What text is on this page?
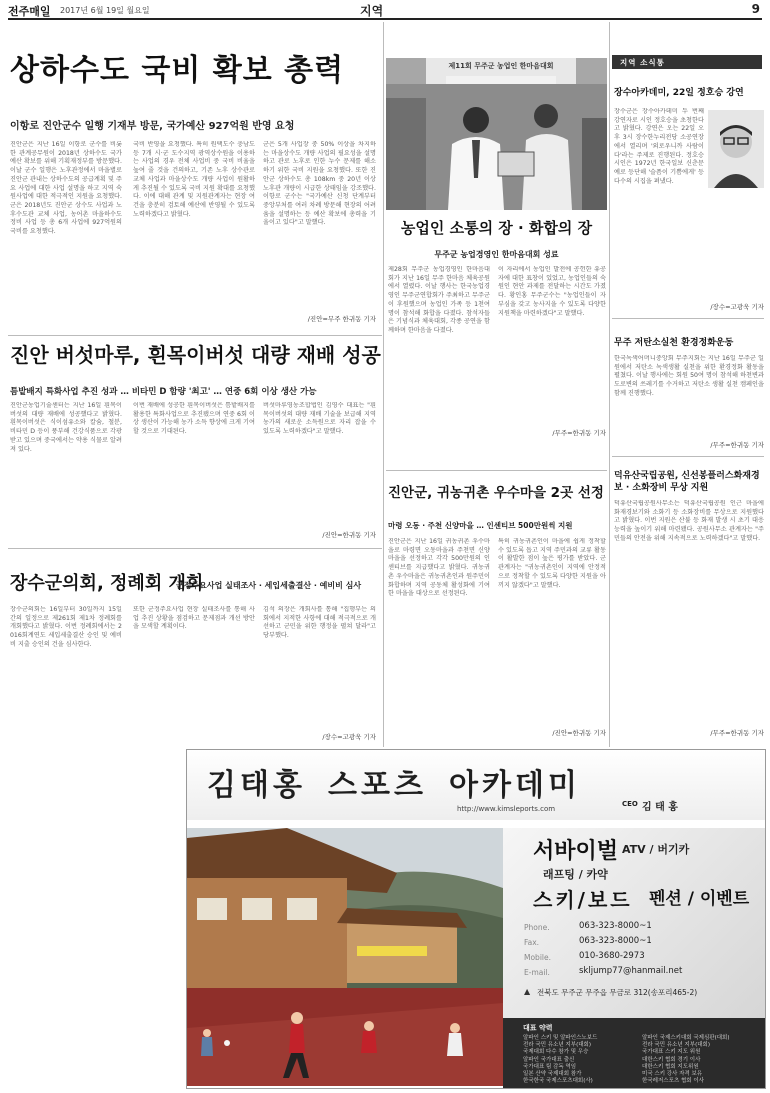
전주매일 2017년 6월 19일 월요일	지역	9
상하수도 국비 확보 총력
이항로 진안군수 일행 기재부 방문, 국가예산 927억원 반영 요청
진안군은 지난 16일 이항로 군수를 비롯한 관계공무원이 2018년 상하수도 국가예산 확보를 위해 기획재정부를 방문했다. 이날 군수 일행은 노후관정에서 마을별로 진안군 관내는 상하수도의 공급계획 및 주요 사업에 대한 사업 설명을 하고 지역 숙원사업에 대한 적극적인 지원을 요청했다. 군은 2018년도 진안군 상수도 사업과 노후수도관 교체 사업, 농어촌 마을하수도 정비 사업 등 총 6개 사업에 927억원의 국비를 요청했다.
국비 반영을 요청했다. 특히 원택도수 충남도 등 7개 시·군 도수지역 광역상수원을 이용하는 사업의 경우 전체 사업비 중 국비 비율을 높여 줄 것을 건의하고, 기존 노후 상수관로 교체 사업과 마을상수도 개량 사업이 원활하게 추진될 수 있도록 국비 지원 확대를 요청했다. 이에 대해 관계 및 지원관계자는 현장 여건을 충분히 검토해 예산에 반영될 수 있도록 노력하겠다고 밝혔다.
군은 5개 사업장 중 50% 이상을 차지하는 마을상수도 개량 사업의 필요성을 설명하고 관로 노후로 인한 누수 문제를 해소하기 위한 국비 지원을 요청했다. 또한 진안군 상하수도 총 108km 중 20년 이상 노후관 개량이 시급한 상태임을 강조했다. 이항로 군수는 "국가예산 신청 단계부터 중앙부처를 여러 차례 방문해 현장의 어려움을 설명하는 등 예산 확보에 총력을 기울이고 있다"고 말했다.
/진안=무주 한귀동 기자
제11회 무주군 농업인 한마음대회
농업인 소통의 장 · 화합의 장
무주군 농업경영인 한마음대회 성료
제28회 무주군 농업경영인 한마음대회가 지난 16일 무주 한마음 체육공원에서 열렸다. 이날 행사는 한국농업경영인 무주군연합회가 주최하고 무주군이 후원했으며 농업인 가족 등 1천여 명이 참석해 화합을 다졌다. 참석자들은 기념식과 체육대회, 각종 공연을 함께하며 한마음을 다졌다.
이 자리에서 농업인 발전에 공헌한 유공자에 대한 표창이 있었고, 농업인들의 숙원인 현안 과제를 전달하는 시간도 가졌다. 황인홍 무주군수는 "농업인들이 자부심을 갖고 농사지을 수 있도록 다양한 지원책을 마련하겠다"고 말했다.
/무주=한귀동 기자
진안 버섯마루, 흰목이버섯 대량 재배 성공
틈밭배지 특화사업 추진 성과 … 비타민 D 함량 '최고' … 연중 6회 이상 생산 가능
진안군농업기술센터는 지난 16일 흰목이버섯의 대량 재배에 성공했다고 밝혔다. 흰목이버섯은 식이섬유소와 칼슘, 철분, 비타민 D 등이 풍부해 건강식품으로 각광받고 있으며 중국에서는 약용 식물로 알려져 있다.
이번 재배에 성공한 흰목이버섯은 틈밭배지를 활용한 특화사업으로 추진됐으며 연중 6회 이상 생산이 가능해 농가 소득 향상에 크게 기여할 것으로 기대된다.
버섯마루영농조합법인 김영수 대표는 "흰목이버섯의 대량 재배 기술을 보급해 지역 농가의 새로운 소득원으로 자리 잡을 수 있도록 노력하겠다"고 말했다.
/진안=한귀동 기자
진안군, 귀농귀촌 우수마을 2곳 선정
마령 오동 · 주천 신양마을 … 인센티브 500만원씩 지원
진안군은 지난 16일 귀농귀촌 우수마을로 마령면 오동마을과 주천면 신양마을을 선정하고 각각 500만원의 인센티브를 지급했다고 밝혔다. 귀농귀촌 우수마을은 귀농귀촌인과 원주민이 화합하며 지역 공동체 활성화에 기여한 마을을 대상으로 선정된다.
특히 귀농귀촌인이 마을에 쉽게 정착할 수 있도록 돕고 지역 주민과의 교류 활동이 활발한 점이 높은 평가를 받았다. 군 관계자는 "귀농귀촌인이 지역에 안정적으로 정착할 수 있도록 다양한 지원을 아끼지 않겠다"고 말했다.
/진안=한귀동 기자
장수군의회, 정례회 개회
군정주요사업 실태조사 · 세입세출결산 · 예비비 심사
장수군의회는 16일부터 30일까지 15일간의 일정으로 제261회 제1차 정례회를 개회했다고 밝혔다. 이번 정례회에서는 2016회계연도 세입세출결산 승인 및 예비비 지출 승인의 건을 심사한다.
또한 군정주요사업 현장 실태조사를 통해 사업 추진 상황을 점검하고 문제점과 개선 방안을 모색할 계획이다.
김석 의장은 개회사를 통해 "집행부는 의회에서 지적한 사항에 대해 적극적으로 개선하고 군민을 위한 행정을 펼쳐 달라"고 당부했다.
/장수=고광욱 기자
지역 소식통
장수아카데미, 22일 정호승 강연
장수군은 장수아카데미 두 번째 강연자로 시인 정호승을 초청한다고 밝혔다. 강연은 오는 22일 오후 3시 장수한누리전당 소공연장에서 열리며 '외로우니까 사람이다'라는 주제로 진행된다. 정호승 시인은 1972년 한국일보 신춘문예로 등단해 '슬픔이 기쁨에게' 등 다수의 시집을 펴냈다.
/장수=고광욱 기자
무주 저탄소실천 환경정화운동
한국녹색어머니중앙회 무주지회는 지난 16일 무주군 일원에서 저탄소 녹색생활 실천을 위한 환경정화 활동을 펼쳤다. 이날 행사에는 회원 50여 명이 참석해 하천변과 도로변의 쓰레기를 수거하고 저탄소 생활 실천 캠페인을 함께 진행했다.
/무주=한귀동 기자
덕유산국립공원, 신선봉플러스화재경보 · 소화장비 무상 지원
덕유산국립공원사무소는 덕유산국립공원 인근 마을에 화재경보기와 소화기 등 소화장비를 무상으로 지원했다고 밝혔다. 이번 지원은 산불 등 화재 발생 시 초기 대응 능력을 높이기 위해 마련됐다. 공원사무소 관계자는 "주민들의 안전을 위해 지속적으로 노력하겠다"고 말했다.
/무주=한귀동 기자
김태홍 스포츠 아카데미
http://www.kimsleports.com
CEO 김 태 홍
서바이벌 ATV / 버기카
래프팅 / 카약
스키/보드 펜션 / 이벤트
Phone.	063-323-8000~1
Fax.	063-323-8000~1
Mobile.	010-3680-2973
E-mail.	skljump77@hanmail.net
▲ 전북도 무주군 무주읍 무금로 312(송포리465-2)
대표 약력
알파인 스키 및 알파인스노보드
전라 국민 유소년 지부(대회)
국제대회 다수 참가 및 우승
알파인 국가대표 출신
국가대표 팀 감독 역임
일본 산약 국제대회 참가
한국한국 국제스포츠대회(사)
알파인 국제스키대회 국제심판(대회)
전라 국민 유소년 지부(대회)
국가대표 스키 지도 위원
대한스키 협회 경기 이사
대한스키 협회 지도위원
미국 스키 강사 자격 보유
한국레저스포츠 협회 이사
